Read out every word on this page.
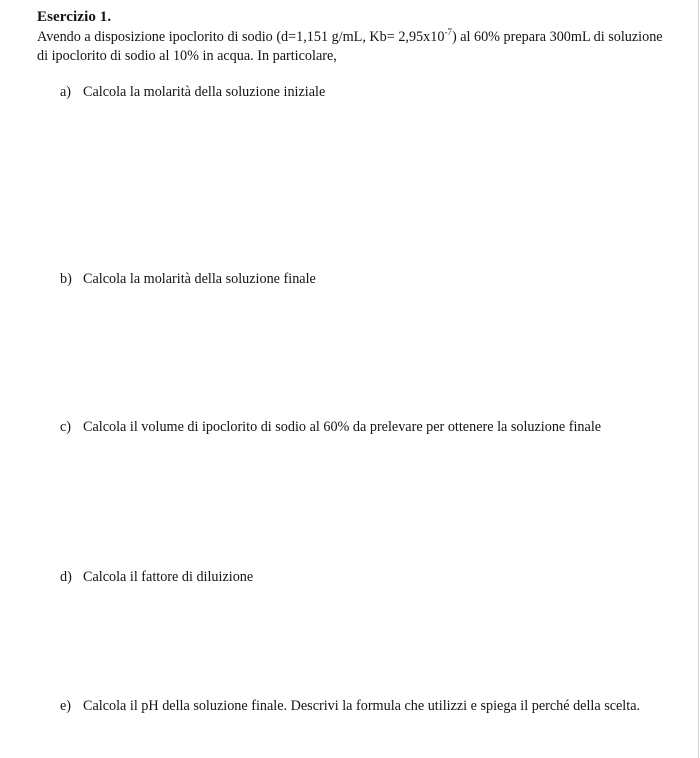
Esercizio 1.
Avendo a disposizione ipoclorito di sodio (d=1,151 g/mL, $Kb= 2,95x10^{-7}$) al 60% prepara 300mL di soluzione
di ipoclorito di sodio al 10% in acqua. In particolare,
a) Calcola la molarità della soluzione iniziale
b) Calcola la molarità della soluzione finale
c) Calcola il volume di ipoclorito di sodio al 60% da prelevare per ottenere la soluzione finale
d) Calcola il fattore di diluizione
e) Calcola il pH della soluzione finale. Descrivi la formula che utilizzi e spiega il perché della scelta.
